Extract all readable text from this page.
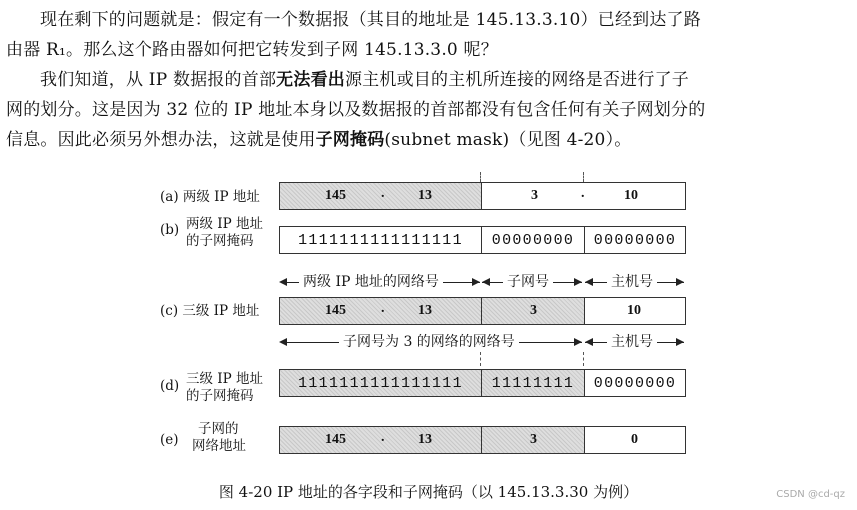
现在剩下的问题就是：假定有一个数据报（其目的地址是 145.13.3.10）已经到达了路
由器 R₁。那么这个路由器如何把它转发到子网 145.13.3.0 呢？
我们知道，从 IP 数据报的首部无法看出源主机或目的主机所连接的网络是否进行了子
网的划分。这是因为 32 位的 IP 地址本身以及数据报的首部都没有包含任何有关子网划分的
信息。因此必须另外想办法，这就是使用子网掩码(subnet mask)（见图 4-20）。
(a) 两级 IP 地址	145	. 13	3	.	10
(b) 两级 IP 地址
的子网掩码	1111111111111111	00000000	00000000
两级 IP 地址的网络号	子网号	主机号
(c) 三级 IP 地址	145	. 13	3	10
子网号为 3 的网络的网络号	主机号
(d) 三级 IP 地址
的子网掩码
1111111111111111	11111111	00000000
(e)
子网的
网络地址	145	. 13	3	0
图 4-20 IP 地址的各字段和子网掩码（以 145.13.3.30 为例）	CSDN @cd-qz
